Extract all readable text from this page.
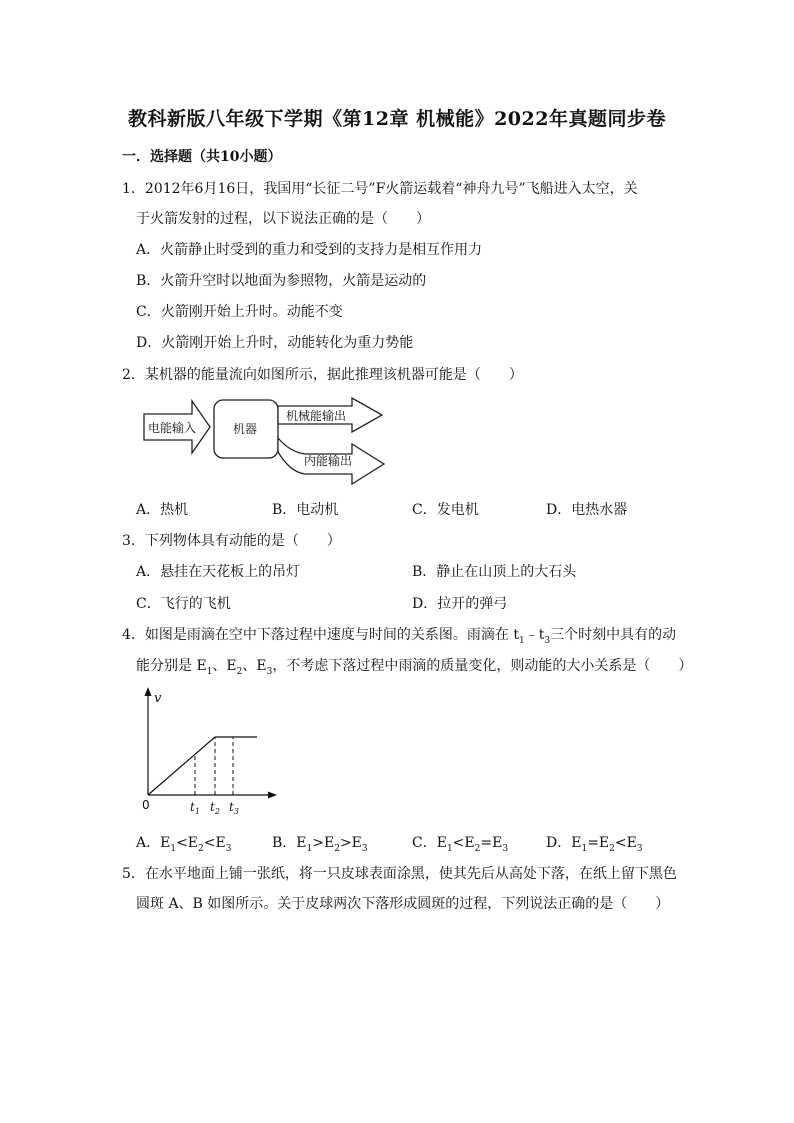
教科新版八年级下学期《第12章 机械能》2022年真题同步卷
一．选择题（共10小题）
1．2012年6月16日，我国用“长征二号”F火箭运载着“神舟九号”飞船进入太空，关
于火箭发射的过程，以下说法正确的是（　　）
A．火箭静止时受到的重力和受到的支持力是相互作用力
B．火箭升空时以地面为参照物，火箭是运动的
C．火箭刚开始上升时。动能不变
D．火箭刚开始上升时，动能转化为重力势能
2．某机器的能量流向如图所示，据此推理该机器可能是（　　）
电能输入	机器
机械能输出
内能输出
A．热机	B．电动机	C．发电机	D．电热水器
3．下列物体具有动能的是（　　）
A．悬挂在天花板上的吊灯	B．静止在山顶上的大石头
C．飞行的飞机	D．拉开的弹弓
4．如图是雨滴在空中下落过程中速度与时间的关系图。雨滴在 $t_1﹣t_3$三个时刻中具有的动
能分别是 $E_1$、$E_2$、$E_3$，不考虑下落过程中雨滴的质量变化，则动能的大小关系是（　　）
v
0	$t_1$ $t_2$ $t_3$
A．$E_1<E_2<E_3$	B．$E_1>E_2>E_3$	C．$E_1<E_2=E_3$	D．$E_1=E_2<E_3$
5．在水平地面上铺一张纸，将一只皮球表面涂黑，使其先后从高处下落，在纸上留下黑色
圆斑 A、B 如图所示。关于皮球两次下落形成圆斑的过程，下列说法正确的是（　　）
